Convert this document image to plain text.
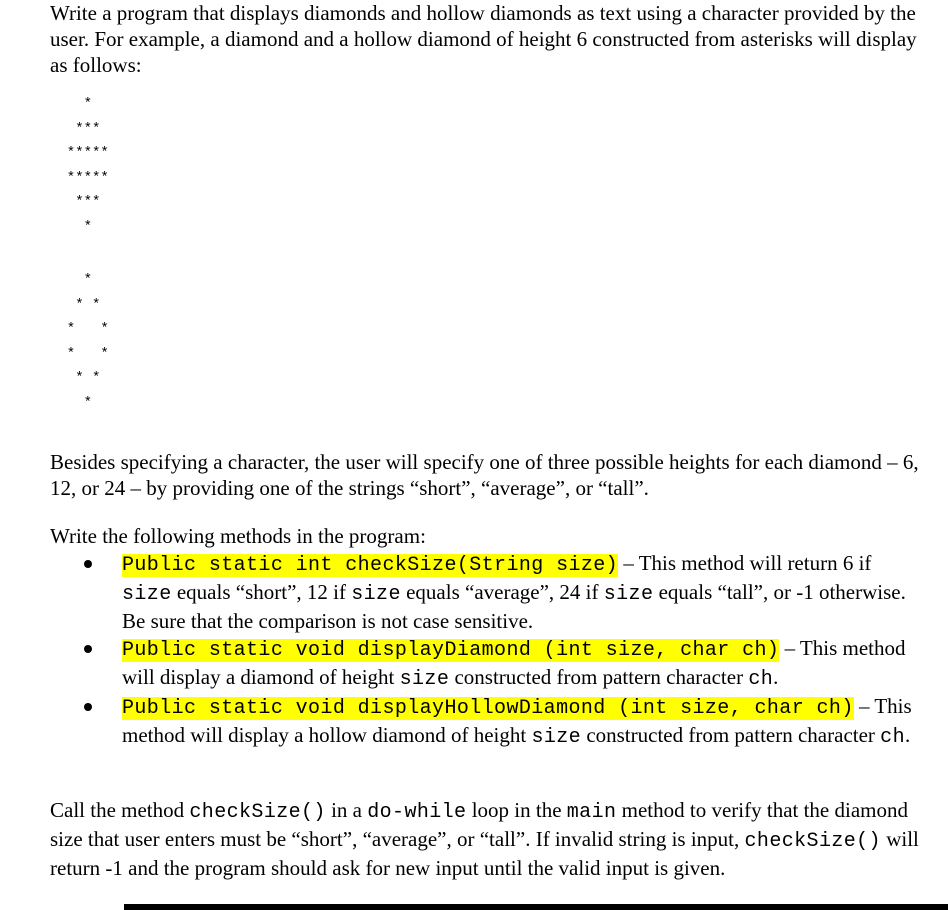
Write a program that displays diamonds and hollow diamonds as text using a character provided by the user. For example, a diamond and a hollow diamond of height 6 constructed from asterisks will display as follows:

*
***
*****
*****
***
*
*
* *
*   *
*   *
* *
*

Besides specifying a character, the user will specify one of three possible heights for each diamond – 6, 12, or 24 – by providing one of the strings “short”, “average”, or “tall”.

Write the following methods in the program:

Public static int checkSize(String size) – This method will return 6 if size equals “short”, 12 if size equals “average”, 24 if size equals “tall”, or -1 otherwise. Be sure that the comparison is not case sensitive.
Public static void displayDiamond (int size, char ch) – This method will display a diamond of height size constructed from pattern character ch.
Public static void displayHollowDiamond (int size, char ch) – This method will display a hollow diamond of height size constructed from pattern character ch.

Call the method checkSize() in a do-while loop in the main method to verify that the diamond size that user enters must be “short”, “average”, or “tall”. If invalid string is input, checkSize() will return -1 and the program should ask for new input until the valid input is given.
